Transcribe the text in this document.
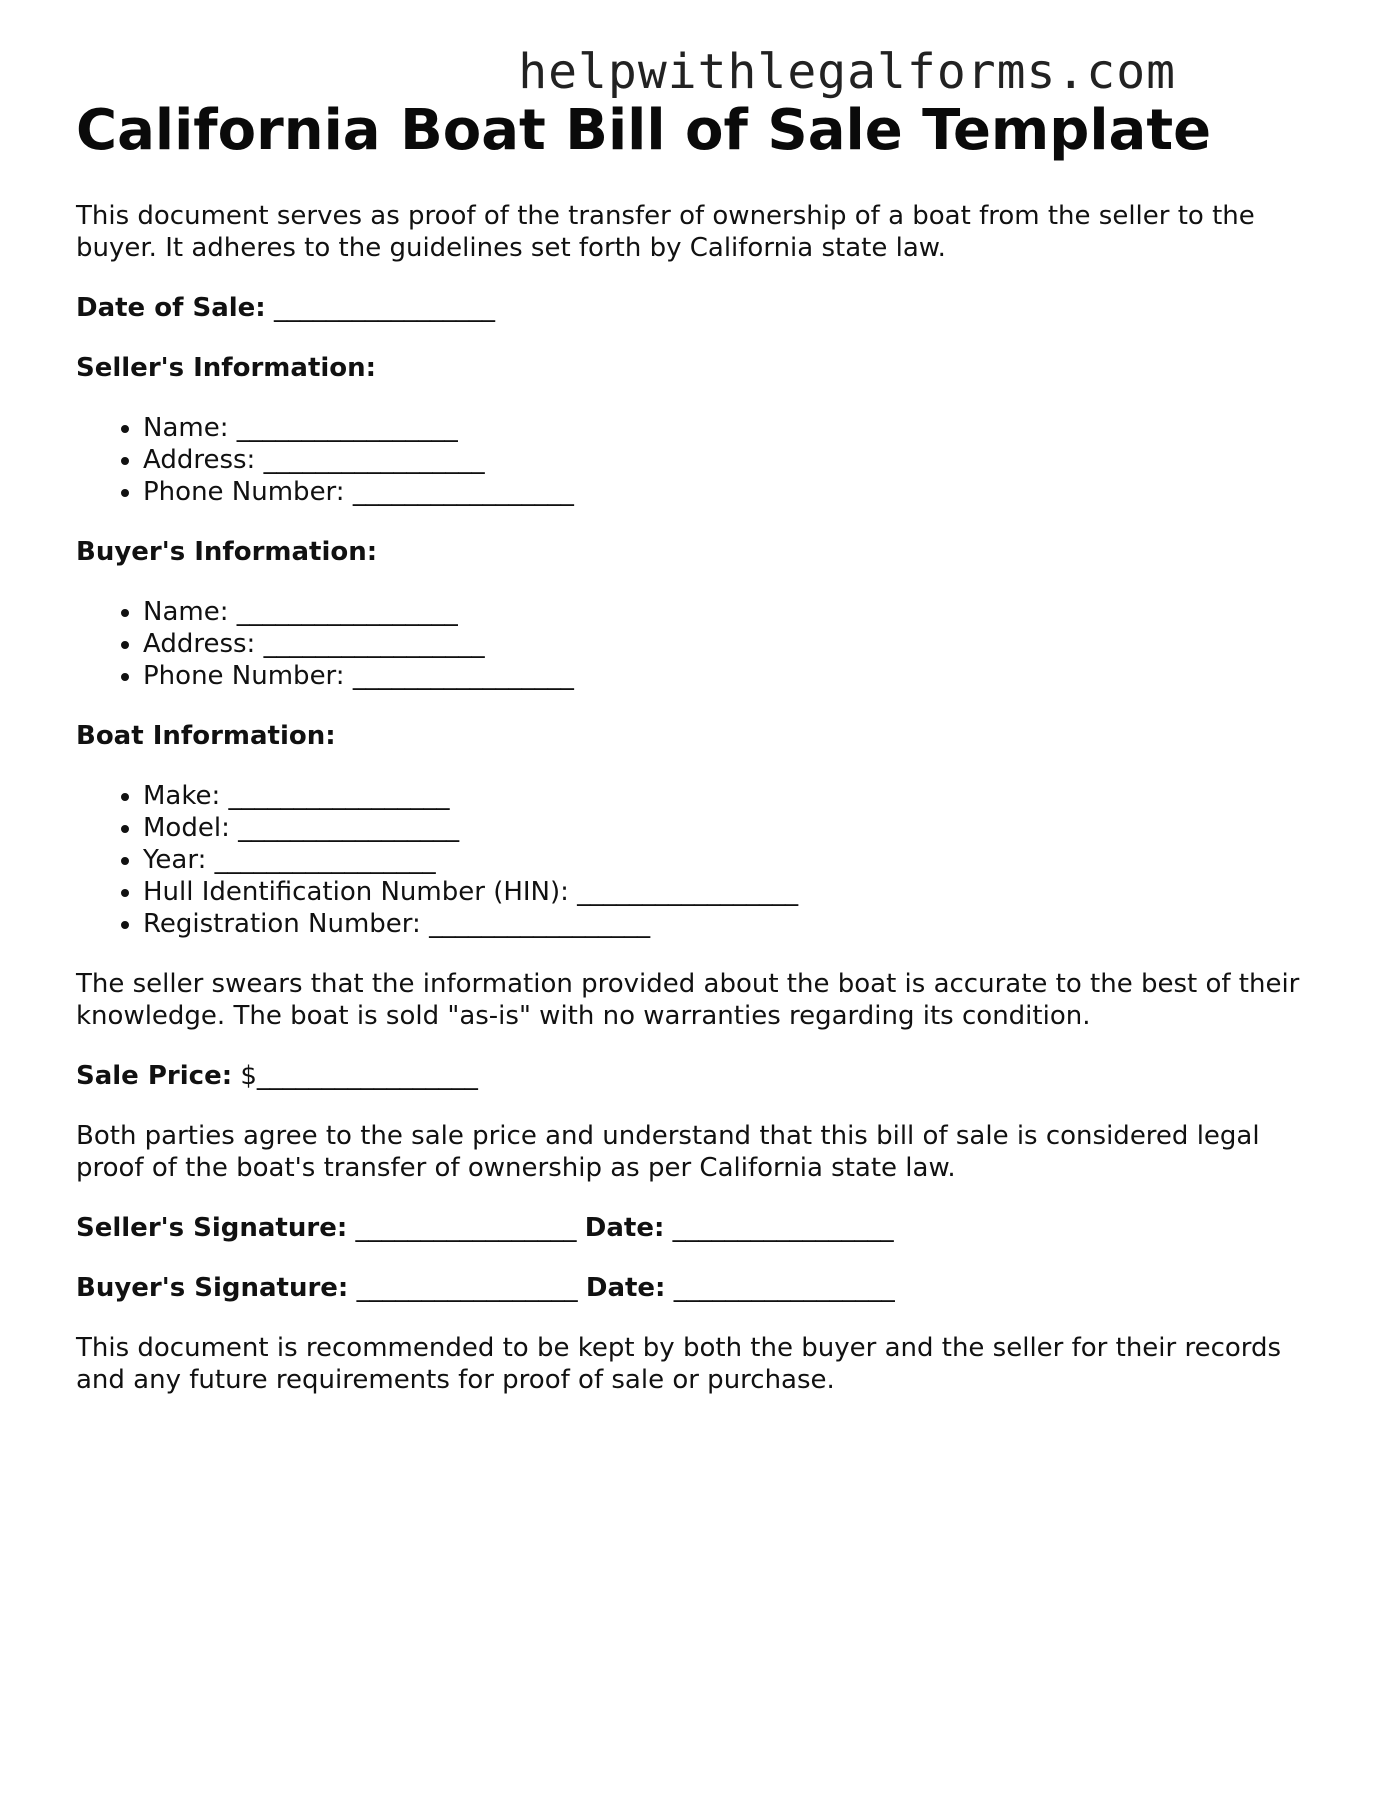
helpwithlegalforms.com
California Boat Bill of Sale Template

This document serves as proof of the transfer of ownership of a boat from the seller to the buyer. It adheres to the guidelines set forth by California state law.

Date of Sale: _________________

Seller's Information:

• Name: _________________
• Address: _________________
• Phone Number: _________________

Buyer's Information:

• Name: _________________
• Address: _________________
• Phone Number: _________________

Boat Information:

• Make: _________________
• Model: _________________
• Year: _________________
• Hull Identification Number (HIN): _________________
• Registration Number: _________________

The seller swears that the information provided about the boat is accurate to the best of their knowledge. The boat is sold "as-is" with no warranties regarding its condition.

Sale Price: $_________________

Both parties agree to the sale price and understand that this bill of sale is considered legal proof of the boat's transfer of ownership as per California state law.

Seller's Signature: _________________ Date: _________________

Buyer's Signature: _________________ Date: _________________

This document is recommended to be kept by both the buyer and the seller for their records and any future requirements for proof of sale or purchase.
